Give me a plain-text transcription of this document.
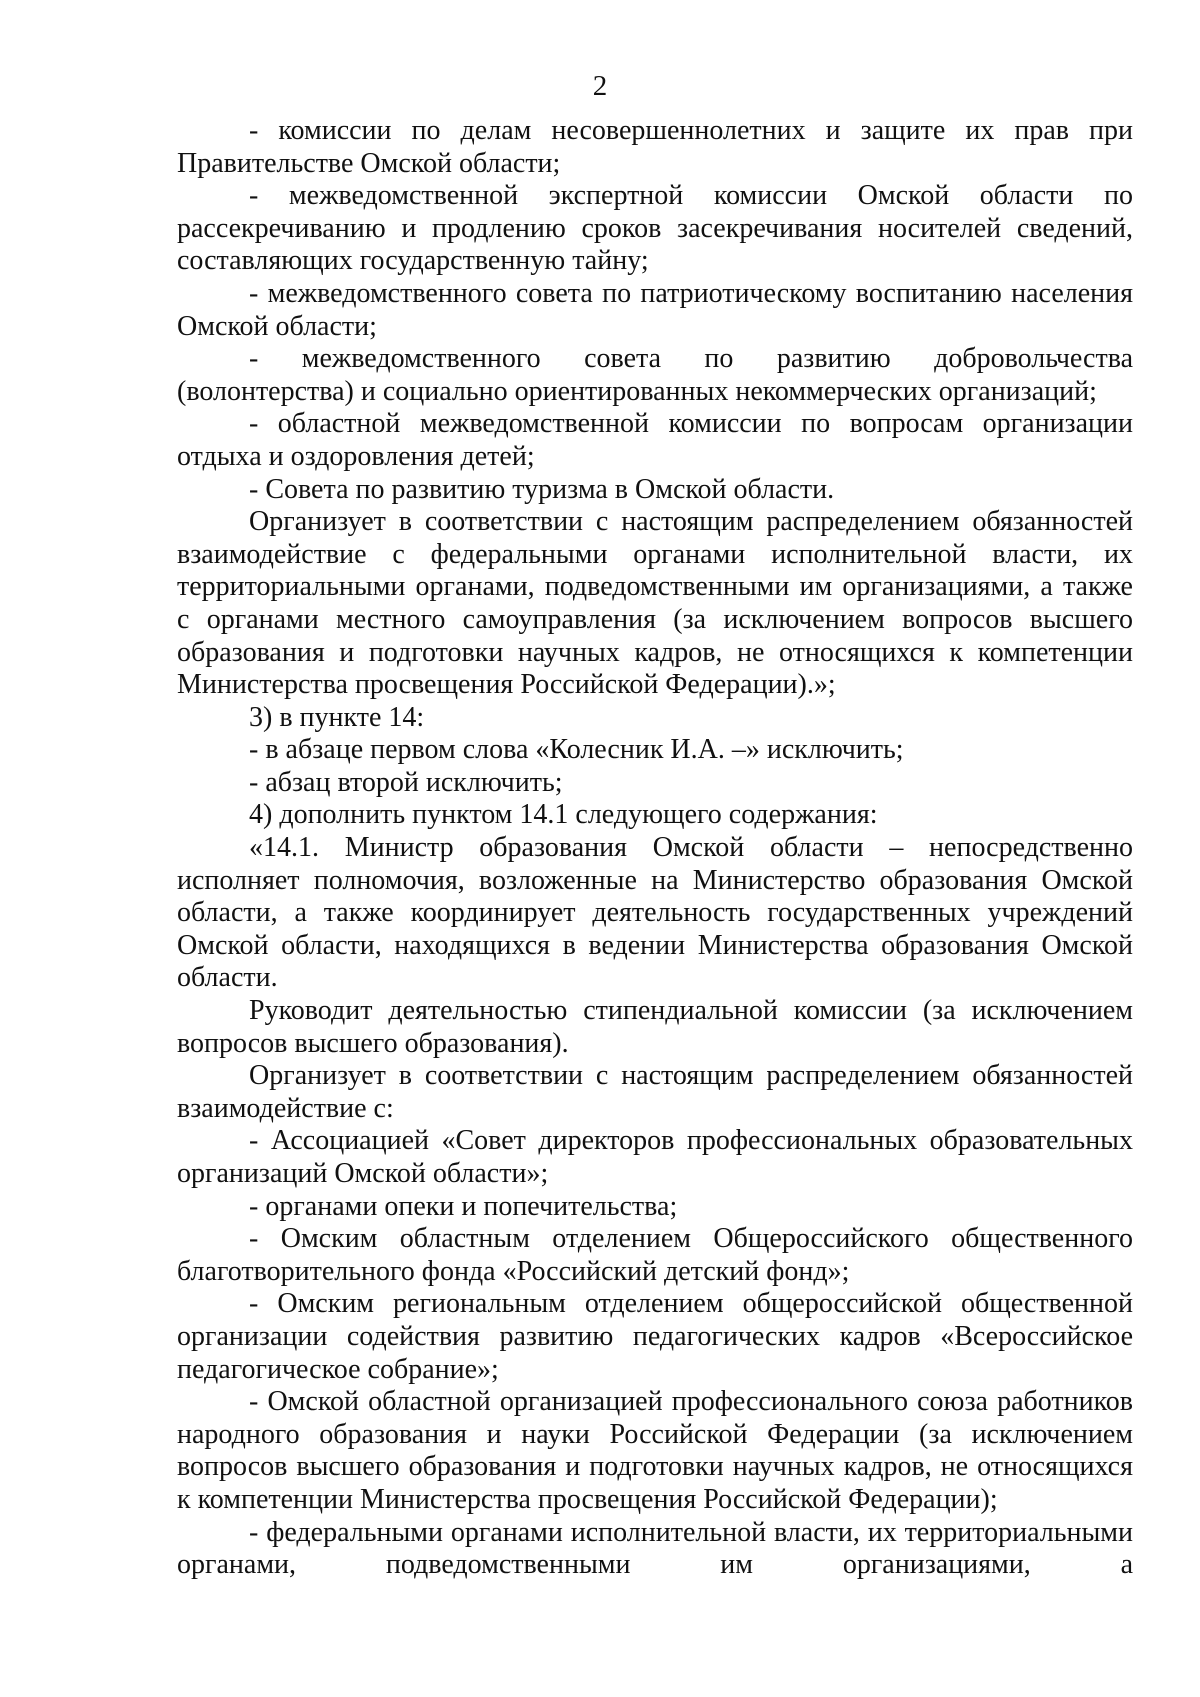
2

- комиссии по делам несовершеннолетних и защите их прав при Правительстве Омской области;

- межведомственной экспертной комиссии Омской области по рассекречиванию и продлению сроков засекречивания носителей сведений, составляющих государственную тайну;

- межведомственного совета по патриотическому воспитанию населения Омской области;

- межведомственного совета по развитию добровольчества (волонтерства) и социально ориентированных некоммерческих организаций;

- областной межведомственной комиссии по вопросам организации отдыха и оздоровления детей;

- Совета по развитию туризма в Омской области.

Организует в соответствии с настоящим распределением обязанностей взаимодействие с федеральными органами исполнительной власти, их территориальными органами, подведомственными им организациями, а также с органами местного самоуправления (за исключением вопросов высшего образования и подготовки научных кадров, не относящихся к компетенции Министерства просвещения Российской Федерации).»;

3) в пункте 14:

- в абзаце первом слова «Колесник И.А. –» исключить;

- абзац второй исключить;

4) дополнить пунктом 14.1 следующего содержания:

«14.1. Министр образования Омской области – непосредственно исполняет полномочия, возложенные на Министерство образования Омской области, а также координирует деятельность государственных учреждений Омской области, находящихся в ведении Министерства образования Омской области.

Руководит деятельностью стипендиальной комиссии (за исключением вопросов высшего образования).

Организует в соответствии с настоящим распределением обязанностей взаимодействие с:

- Ассоциацией «Совет директоров профессиональных образовательных организаций Омской области»;

- органами опеки и попечительства;

- Омским областным отделением Общероссийского общественного благотворительного фонда «Российский детский фонд»;

- Омским региональным отделением общероссийской общественной организации содействия развитию педагогических кадров «Всероссийское педагогическое собрание»;

- Омской областной организацией профессионального союза работников народного образования и науки Российской Федерации (за исключением вопросов высшего образования и подготовки научных кадров, не относящихся к компетенции Министерства просвещения Российской Федерации);

- федеральными органами исполнительной власти, их территориальными органами, подведомственными им организациями, а
